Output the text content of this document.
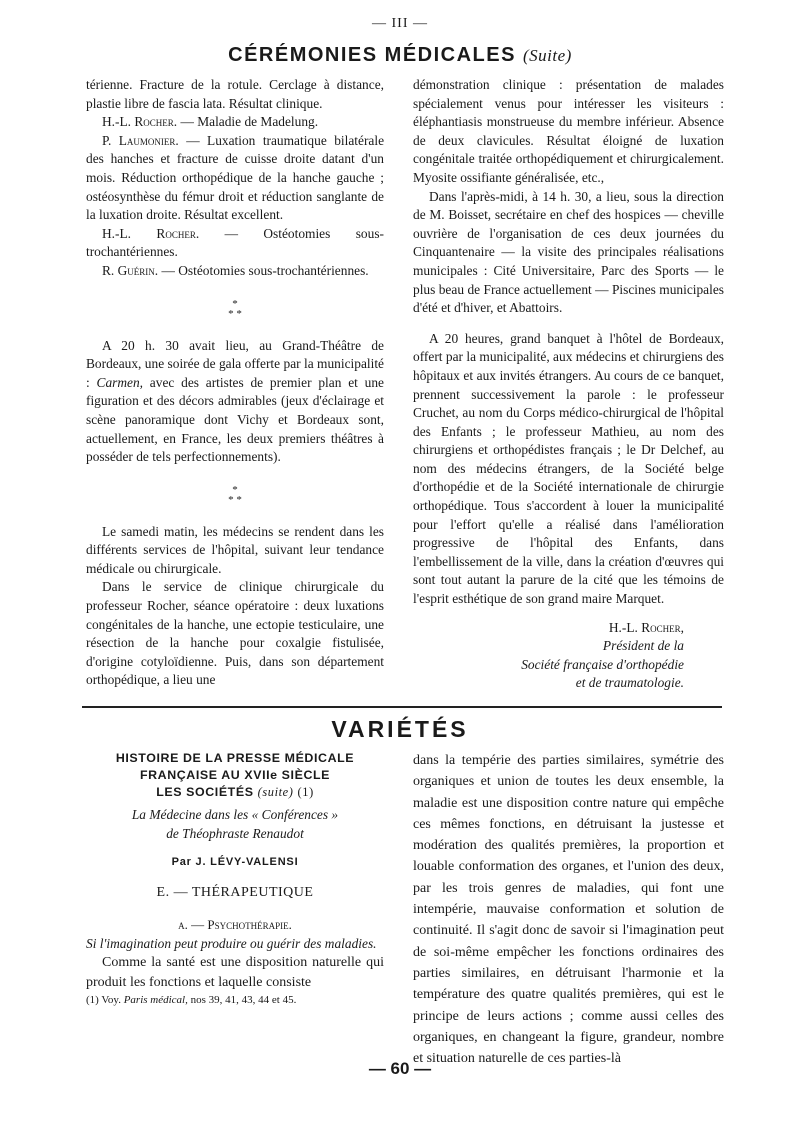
— III —
CÉRÉMONIES MÉDICALES (Suite)

térienne. Fracture de la rotule. Cerclage à distance, plastie libre de fascia lata. Résultat clinique.

H.-L. Rocher. — Maladie de Madelung.

P. Laumonier. — Luxation traumatique bilatérale des hanches et fracture de cuisse droite datant d'un mois. Réduction orthopédique de la hanche gauche ; ostéosynthèse du fémur droit et réduction sanglante de la luxation droite. Résultat excellent.

H.-L. Rocher. — Ostéotomies sous-trochantériennes.

R. Guérin. — Ostéotomies sous-trochantériennes.

*
* *

A 20 h. 30 avait lieu, au Grand-Théâtre de Bordeaux, une soirée de gala offerte par la municipalité : Carmen, avec des artistes de premier plan et une figuration et des décors admirables (jeux d'éclairage et scène panoramique dont Vichy et Bordeaux sont, actuellement, en France, les deux premiers théâtres à posséder de tels perfectionnements).

*
* *

Le samedi matin, les médecins se rendent dans les différents services de l'hôpital, suivant leur tendance médicale ou chirurgicale.

Dans le service de clinique chirurgicale du professeur Rocher, séance opératoire : deux luxations congénitales de la hanche, une ectopie testiculaire, une résection de la hanche pour coxalgie fistulisée, d'origine cotyloïdienne. Puis, dans son département orthopédique, a lieu une

démonstration clinique : présentation de malades spécialement venus pour intéresser les visiteurs : éléphantiasis monstrueuse du membre inférieur. Absence de deux clavicules. Résultat éloigné de luxation congénitale traitée orthopédiquement et chirurgicalement. Myosite ossifiante généralisée, etc.,

Dans l'après-midi, à 14 h. 30, a lieu, sous la direction de M. Boisset, secrétaire en chef des hospices — cheville ouvrière de l'organisation de ces deux journées du Cinquantenaire — la visite des principales réalisations municipales : Cité Universitaire, Parc des Sports — le plus beau de France actuellement — Piscines municipales d'été et d'hiver, et Abattoirs.

A 20 heures, grand banquet à l'hôtel de Bordeaux, offert par la municipalité, aux médecins et chirurgiens des hôpitaux et aux invités étrangers. Au cours de ce banquet, prennent successivement la parole : le professeur Cruchet, au nom du Corps médico-chirurgical de l'hôpital des Enfants ; le professeur Mathieu, au nom des chirurgiens et orthopédistes français ; le Dr Delchef, au nom des médecins étrangers, de la Société belge d'orthopédie et de la Société internationale de chirurgie orthopédique. Tous s'accordent à louer la municipalité pour l'effort qu'elle a réalisé dans l'amélioration progressive de l'hôpital des Enfants, dans l'embellissement de la ville, dans la création d'œuvres qui sont tout autant la parure de la cité que les témoins de l'esprit esthétique de son grand maire Marquet.

H.-L. Rocher,
Président de la
Société française d'orthopédie
et de traumatologie.
VARIÉTÉS
HISTOIRE DE LA PRESSE MÉDICALE
FRANÇAISE AU XVIIe SIÈCLE
LES SOCIÉTÉS (suite) (1)
La Médecine dans les « Conférences »
de Théophraste Renaudot
Par J. LÉVY-VALENSI
E. — THÉRAPEUTIQUE
a. — Psychothérapie.

Si l'imagination peut produire ou guérir des maladies.

Comme la santé est une disposition naturelle qui produit les fonctions et laquelle consiste

(1) Voy. Paris médical, nos 39, 41, 43, 44 et 45.

dans la tempérie des parties similaires, symétrie des organiques et union de toutes les deux ensemble, la maladie est une disposition contre nature qui empêche ces mêmes fonctions, en détruisant la justesse et modération des qualités premières, la proportion et louable conformation des organes, et l'union des deux, par les trois genres de maladies, qui font une intempérie, mauvaise conformation et solution de continuité. Il s'agit donc de savoir si l'imagination peut de soi-même empêcher les fonctions ordinaires des parties similaires, en détruisant l'harmonie et la température des quatre qualités premières, qui est le principe de leurs actions ; comme aussi celles des organiques, en changeant la figure, grandeur, nombre et situation naturelle de ces parties-là

— 60 —
